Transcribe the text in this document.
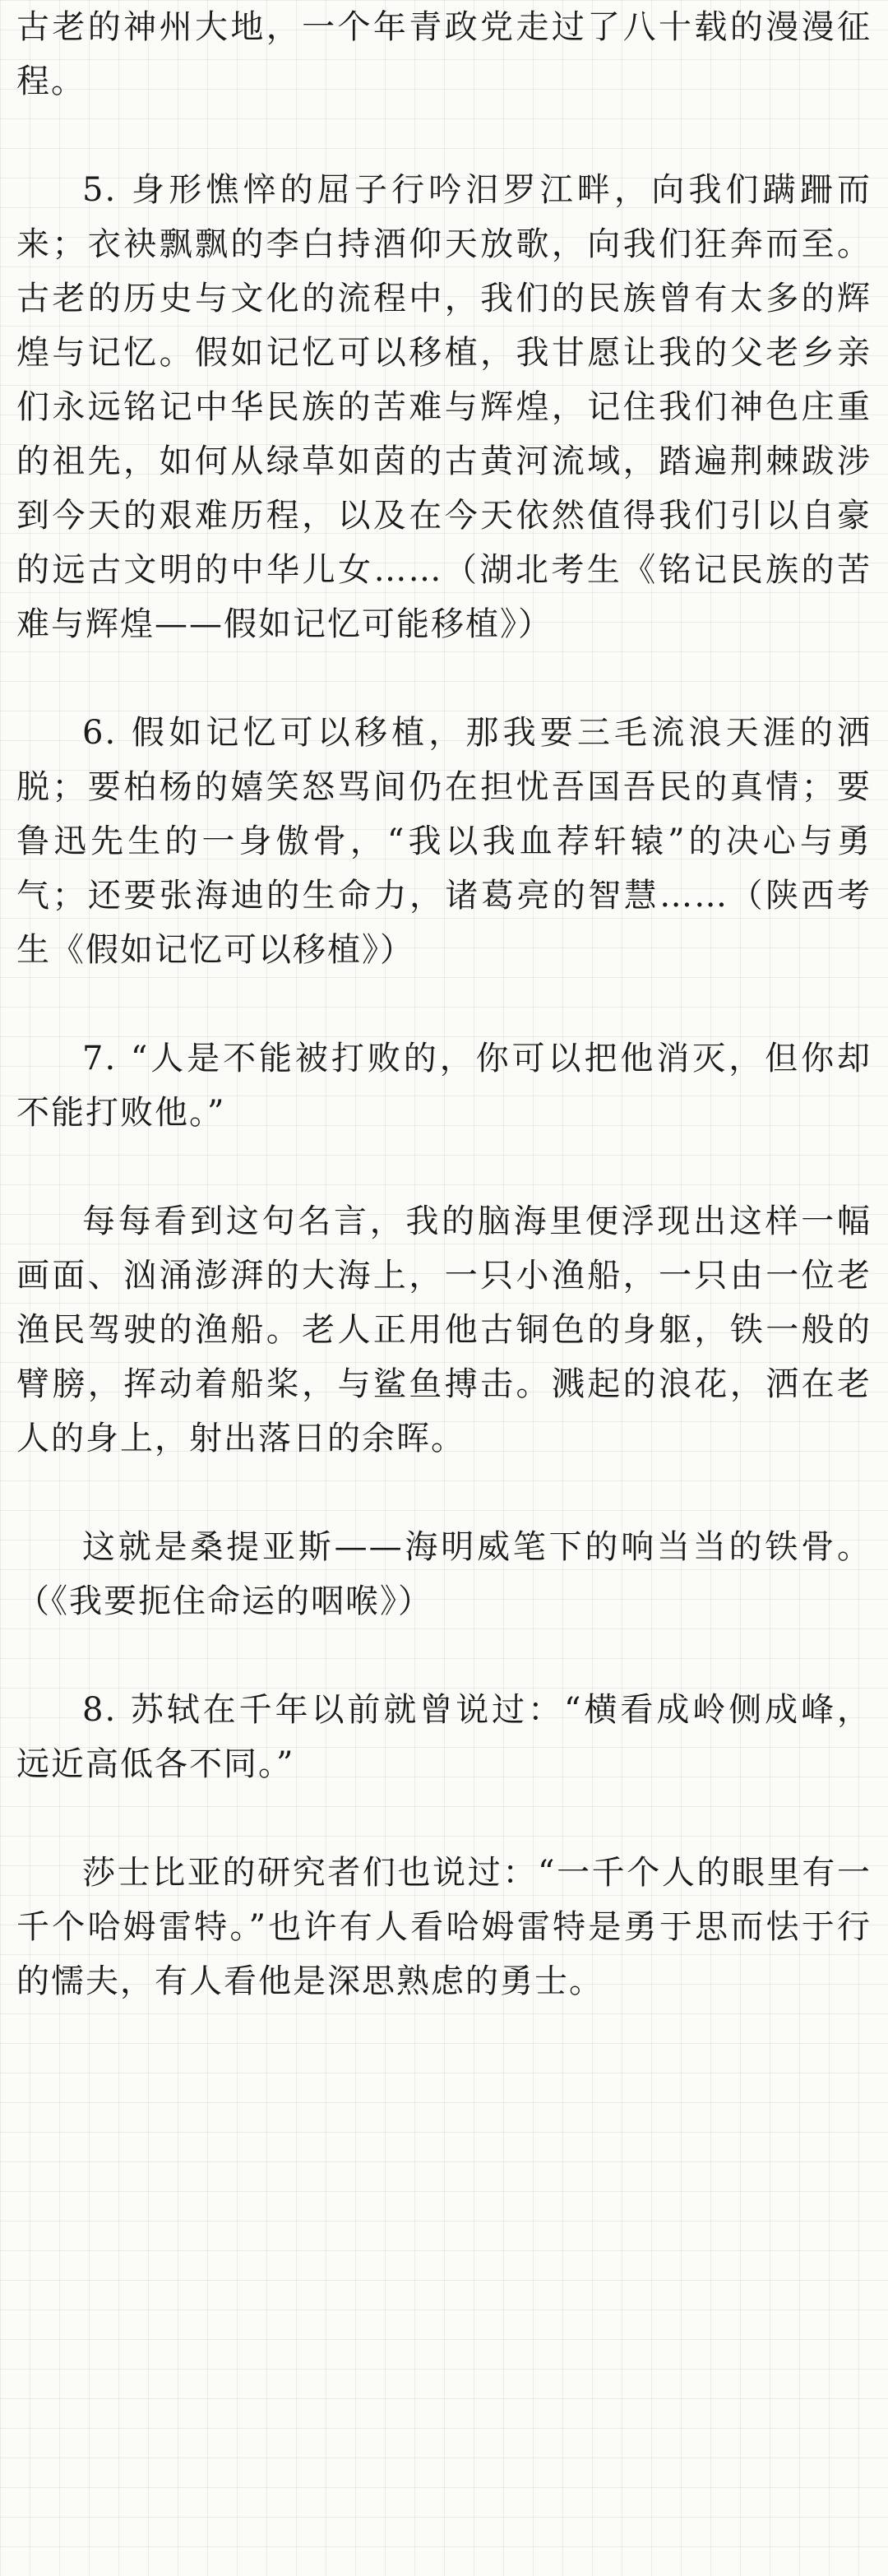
古老的神州大地，一个年青政党走过了八十载的漫漫征程。

5. 身形憔悴的屈子行吟汨罗江畔，向我们蹒跚而来；衣袂飘飘的李白持酒仰天放歌，向我们狂奔而至。古老的历史与文化的流程中，我们的民族曾有太多的辉煌与记忆。假如记忆可以移植，我甘愿让我的父老乡亲们永远铭记中华民族的苦难与辉煌，记住我们神色庄重的祖先，如何从绿草如茵的古黄河流域，踏遍荆棘跋涉到今天的艰难历程，以及在今天依然值得我们引以自豪的远古文明的中华儿女……（湖北考生《铭记民族的苦难与辉煌——假如记忆可能移植》）

6. 假如记忆可以移植，那我要三毛流浪天涯的洒脱；要柏杨的嬉笑怒骂间仍在担忧吾国吾民的真情；要鲁迅先生的一身傲骨，“我以我血荐轩辕”的决心与勇气；还要张海迪的生命力，诸葛亮的智慧……（陕西考生《假如记忆可以移植》）

7. “人是不能被打败的，你可以把他消灭，但你却不能打败他。”

每每看到这句名言，我的脑海里便浮现出这样一幅画面、汹涌澎湃的大海上，一只小渔船，一只由一位老渔民驾驶的渔船。老人正用他古铜色的身躯，铁一般的臂膀，挥动着船桨，与鲨鱼搏击。溅起的浪花，洒在老人的身上，射出落日的余晖。

这就是桑提亚斯——海明威笔下的响当当的铁骨。（《我要扼住命运的咽喉》）

8. 苏轼在千年以前就曾说过：“横看成岭侧成峰，远近高低各不同。”

莎士比亚的研究者们也说过：“一千个人的眼里有一千个哈姆雷特。”也许有人看哈姆雷特是勇于思而怯于行的懦夫，有人看他是深思熟虑的勇士。
